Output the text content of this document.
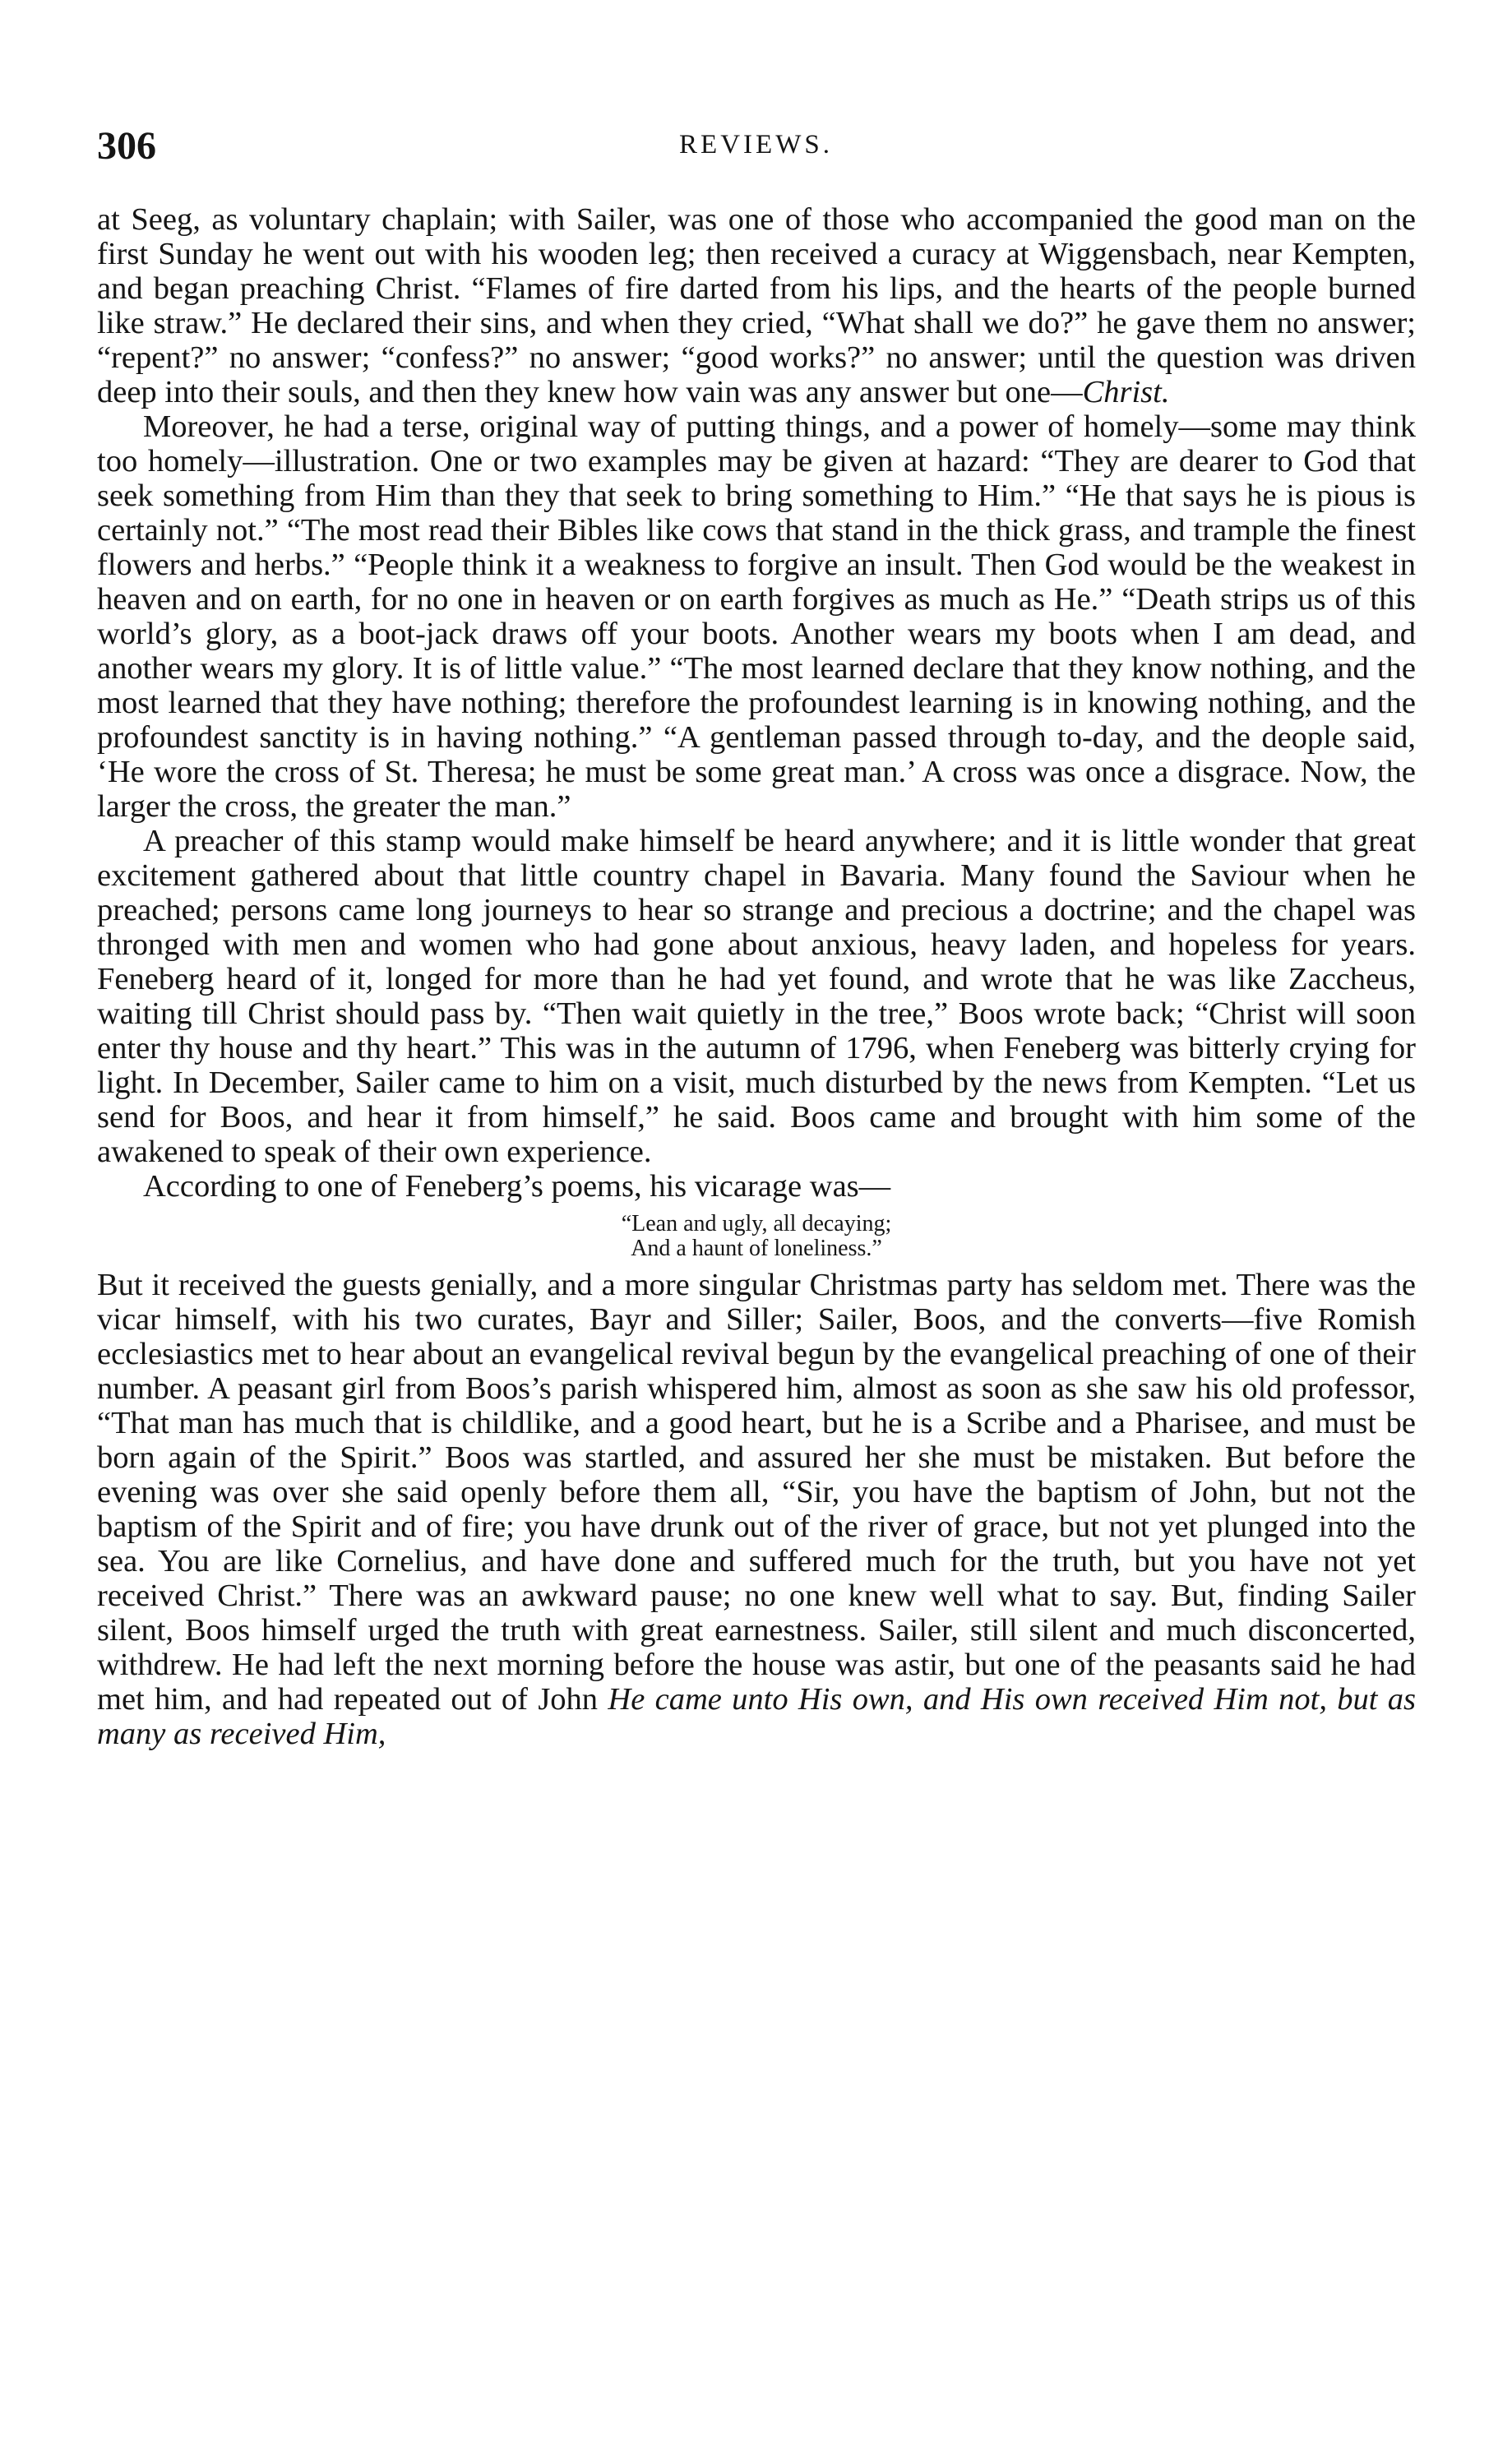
306	REVIEWS.

at Seeg, as voluntary chaplain; with Sailer, was one of those who accompanied the good man on the first Sunday he went out with his wooden leg; then received a curacy at Wiggensbach, near Kempten, and began preaching Christ. “Flames of fire darted from his lips, and the hearts of the people burned like straw.” He declared their sins, and when they cried, “What shall we do?” he gave them no answer; “repent?” no answer; “confess?” no answer; “good works?” no answer; until the question was driven deep into their souls, and then they knew how vain was any answer but one—Christ.

Moreover, he had a terse, original way of putting things, and a power of homely—some may think too homely—illustration. One or two examples may be given at hazard: “They are dearer to God that seek something from Him than they that seek to bring something to Him.” “He that says he is pious is certainly not.” “The most read their Bibles like cows that stand in the thick grass, and trample the finest flowers and herbs.” “People think it a weakness to forgive an insult. Then God would be the weakest in heaven and on earth, for no one in heaven or on earth forgives as much as He.” “Death strips us of this world’s glory, as a boot-jack draws off your boots. Another wears my boots when I am dead, and another wears my glory. It is of little value.” “The most learned declare that they know nothing, and the most learned that they have nothing; therefore the profoundest learning is in knowing nothing, and the profoundest sanctity is in having nothing.” “A gentleman passed through to-day, and the deople said, ‘He wore the cross of St. Theresa; he must be some great man.’ A cross was once a disgrace. Now, the larger the cross, the greater the man.”

A preacher of this stamp would make himself be heard anywhere; and it is little wonder that great excitement gathered about that little country chapel in Bavaria. Many found the Saviour when he preached; persons came long journeys to hear so strange and precious a doctrine; and the chapel was thronged with men and women who had gone about anxious, heavy laden, and hopeless for years. Feneberg heard of it, longed for more than he had yet found, and wrote that he was like Zaccheus, waiting till Christ should pass by. “Then wait quietly in the tree,” Boos wrote back; “Christ will soon enter thy house and thy heart.” This was in the autumn of 1796, when Feneberg was bitterly crying for light. In December, Sailer came to him on a visit, much disturbed by the news from Kempten. “Let us send for Boos, and hear it from himself,” he said. Boos came and brought with him some of the awakened to speak of their own experience.

According to one of Feneberg’s poems, his vicarage was—

“Lean and ugly, all decaying;
And a haunt of loneliness.”

But it received the guests genially, and a more singular Christmas party has seldom met. There was the vicar himself, with his two curates, Bayr and Siller; Sailer, Boos, and the converts—five Romish ecclesiastics met to hear about an evangelical revival begun by the evangelical preaching of one of their number. A peasant girl from Boos’s parish whispered him, almost as soon as she saw his old professor, “That man has much that is childlike, and a good heart, but he is a Scribe and a Pharisee, and must be born again of the Spirit.” Boos was startled, and assured her she must be mistaken. But before the evening was over she said openly before them all, “Sir, you have the baptism of John, but not the baptism of the Spirit and of fire; you have drunk out of the river of grace, but not yet plunged into the sea. You are like Cornelius, and have done and suffered much for the truth, but you have not yet received Christ.” There was an awkward pause; no one knew well what to say. But, finding Sailer silent, Boos himself urged the truth with great earnestness. Sailer, still silent and much disconcerted, withdrew. He had left the next morning before the house was astir, but one of the peasants said he had met him, and had repeated out of John He came unto His own, and His own received Him not, but as many as received Him,
